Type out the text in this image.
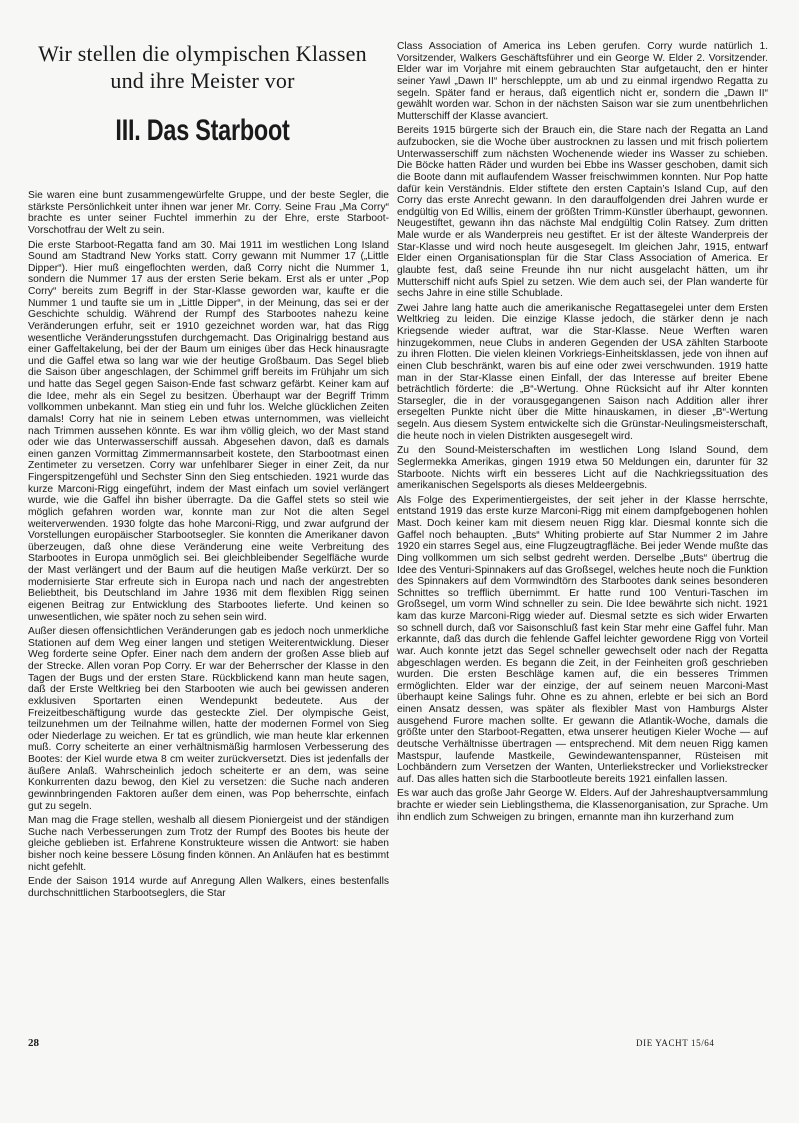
Wir stellen die olympischen Klassen
und ihre Meister vor
III. Das Starboot

Sie waren eine bunt zusammengewürfelte Gruppe, und der beste Segler, die stärkste Persönlichkeit unter ihnen war jener Mr. Corry. Seine Frau „Ma Corry“ brachte es unter seiner Fuchtel immerhin zu der Ehre, erste Starboot-Vorschotfrau der Welt zu sein.

Die erste Starboot-Regatta fand am 30. Mai 1911 im westlichen Long Island Sound am Stadtrand New Yorks statt. Corry gewann mit Nummer 17 („Little Dipper“). Hier muß eingeflochten werden, daß Corry nicht die Nummer 1, sondern die Nummer 17 aus der ersten Serie bekam. Erst als er unter „Pop Corry“ bereits zum Begriff in der Star-Klasse geworden war, kaufte er die Nummer 1 und taufte sie um in „Little Dipper“, in der Meinung, das sei er der Geschichte schuldig. Während der Rumpf des Starbootes nahezu keine Veränderungen erfuhr, seit er 1910 gezeichnet worden war, hat das Rigg wesentliche Veränderungsstufen durchgemacht. Das Originalrigg bestand aus einer Gaffeltakelung, bei der der Baum um einiges über das Heck hinausragte und die Gaffel etwa so lang war wie der heutige Großbaum. Das Segel blieb die Saison über angeschlagen, der Schimmel griff bereits im Frühjahr um sich und hatte das Segel gegen Saison-Ende fast schwarz gefärbt. Keiner kam auf die Idee, mehr als ein Segel zu besitzen. Überhaupt war der Begriff Trimm vollkommen unbekannt. Man stieg ein und fuhr los. Welche glücklichen Zeiten damals! Corry hat nie in seinem Leben etwas unternommen, was vielleicht nach Trimmen aussehen könnte. Es war ihm völlig gleich, wo der Mast stand oder wie das Unterwasserschiff aussah. Abgesehen davon, daß es damals einen ganzen Vormittag Zimmermannsarbeit kostete, den Starbootmast einen Zentimeter zu versetzen. Corry war unfehlbarer Sieger in einer Zeit, da nur Fingerspitzengefühl und Sechster Sinn den Sieg entschieden. 1921 wurde das kurze Marconi-Rigg eingeführt, indem der Mast einfach um soviel verlängert wurde, wie die Gaffel ihn bisher überragte. Da die Gaffel stets so steil wie möglich gefahren worden war, konnte man zur Not die alten Segel weiterverwenden. 1930 folgte das hohe Marconi-Rigg, und zwar aufgrund der Vorstellungen europäischer Starbootsegler. Sie konnten die Amerikaner davon überzeugen, daß ohne diese Veränderung eine weite Verbreitung des Starbootes in Europa unmöglich sei. Bei gleichbleibender Segelfläche wurde der Mast verlängert und der Baum auf die heutigen Maße verkürzt. Der so modernisierte Star erfreute sich in Europa nach und nach der angestrebten Beliebtheit, bis Deutschland im Jahre 1936 mit dem flexiblen Rigg seinen eigenen Beitrag zur Entwicklung des Starbootes lieferte. Und keinen so unwesentlichen, wie später noch zu sehen sein wird.

Außer diesen offensichtlichen Veränderungen gab es jedoch noch unmerkliche Stationen auf dem Weg einer langen und stetigen Weiterentwicklung. Dieser Weg forderte seine Opfer. Einer nach dem andern der großen Asse blieb auf der Strecke. Allen voran Pop Corry. Er war der Beherrscher der Klasse in den Tagen der Bugs und der ersten Stare. Rückblickend kann man heute sagen, daß der Erste Weltkrieg bei den Starbooten wie auch bei gewissen anderen exklusiven Sportarten einen Wendepunkt bedeutete. Aus der Freizeitbeschäftigung wurde das gesteckte Ziel. Der olympische Geist, teilzunehmen um der Teilnahme willen, hatte der modernen Formel von Sieg oder Niederlage zu weichen. Er tat es gründlich, wie man heute klar erkennen muß. Corry scheiterte an einer verhältnismäßig harmlosen Verbesserung des Bootes: der Kiel wurde etwa 8 cm weiter zurückversetzt. Dies ist jedenfalls der äußere Anlaß. Wahrscheinlich jedoch scheiterte er an dem, was seine Konkurrenten dazu bewog, den Kiel zu versetzen: die Suche nach anderen gewinnbringenden Faktoren außer dem einen, was Pop beherrschte, einfach gut zu segeln.

Man mag die Frage stellen, weshalb all diesem Pioniergeist und der ständigen Suche nach Verbesserungen zum Trotz der Rumpf des Bootes bis heute der gleiche geblieben ist. Erfahrene Konstrukteure wissen die Antwort: sie haben bisher noch keine bessere Lösung finden können. An Anläufen hat es bestimmt nicht gefehlt.

Ende der Saison 1914 wurde auf Anregung Allen Walkers, eines bestenfalls durchschnittlichen Starbootseglers, die Star

Class Association of America ins Leben gerufen. Corry wurde natürlich 1. Vorsitzender, Walkers Geschäftsführer und ein George W. Elder 2. Vorsitzender. Elder war im Vorjahre mit einem gebrauchten Star aufgetaucht, den er hinter seiner Yawl „Dawn II“ herschleppte, um ab und zu einmal irgendwo Regatta zu segeln. Später fand er heraus, daß eigentlich nicht er, sondern die „Dawn II“ gewählt worden war. Schon in der nächsten Saison war sie zum unentbehrlichen Mutterschiff der Klasse avanciert.

Bereits 1915 bürgerte sich der Brauch ein, die Stare nach der Regatta an Land aufzubocken, sie die Woche über austrocknen zu lassen und mit frisch poliertem Unterwasserschiff zum nächsten Wochenende wieder ins Wasser zu schieben. Die Böcke hatten Räder und wurden bei Ebbe ins Wasser geschoben, damit sich die Boote dann mit auflaufendem Wasser freischwimmen konnten. Nur Pop hatte dafür kein Verständnis. Elder stiftete den ersten Captain’s Island Cup, auf den Corry das erste Anrecht gewann. In den darauffolgenden drei Jahren wurde er endgültig von Ed Willis, einem der größten Trimm-Künstler überhaupt, gewonnen. Neugestiftet, gewann ihn das nächste Mal endgültig Colin Ratsey. Zum dritten Male wurde er als Wanderpreis neu gestiftet. Er ist der älteste Wanderpreis der Star-Klasse und wird noch heute ausgesegelt. Im gleichen Jahr, 1915, entwarf Elder einen Organisationsplan für die Star Class Association of America. Er glaubte fest, daß seine Freunde ihn nur nicht ausgelacht hätten, um ihr Mutterschiff nicht aufs Spiel zu setzen. Wie dem auch sei, der Plan wanderte für sechs Jahre in eine stille Schublade.

Zwei Jahre lang hatte auch die amerikanische Regattasegelei unter dem Ersten Weltkrieg zu leiden. Die einzige Klasse jedoch, die stärker denn je nach Kriegsende wieder auftrat, war die Star-Klasse. Neue Werften waren hinzugekommen, neue Clubs in anderen Gegenden der USA zählten Starboote zu ihren Flotten. Die vielen kleinen Vorkriegs-Einheitsklassen, jede von ihnen auf einen Club beschränkt, waren bis auf eine oder zwei verschwunden. 1919 hatte man in der Star-Klasse einen Einfall, der das Interesse auf breiter Ebene beträchtlich förderte: die „B“-Wertung. Ohne Rücksicht auf ihr Alter konnten Starsegler, die in der vorausgegangenen Saison nach Addition aller ihrer ersegelten Punkte nicht über die Mitte hinauskamen, in dieser „B“-Wertung segeln. Aus diesem System entwickelte sich die Grünstar-Neulingsmeisterschaft, die heute noch in vielen Distrikten ausgesegelt wird.

Zu den Sound-Meisterschaften im westlichen Long Island Sound, dem Seglermekka Amerikas, gingen 1919 etwa 50 Meldungen ein, darunter für 32 Starboote. Nichts wirft ein besseres Licht auf die Nachkriegssituation des amerikanischen Segelsports als dieses Meldeergebnis.

Als Folge des Experimentiergeistes, der seit jeher in der Klasse herrschte, entstand 1919 das erste kurze Marconi-Rigg mit einem dampfgebogenen hohlen Mast. Doch keiner kam mit diesem neuen Rigg klar. Diesmal konnte sich die Gaffel noch behaupten. „Buts“ Whiting probierte auf Star Nummer 2 im Jahre 1920 ein starres Segel aus, eine Flugzeugtragfläche. Bei jeder Wende mußte das Ding vollkommen um sich selbst gedreht werden. Derselbe „Buts“ übertrug die Idee des Venturi-Spinnakers auf das Großsegel, welches heute noch die Funktion des Spinnakers auf dem Vormwindtörn des Starbootes dank seines besonderen Schnittes so trefflich übernimmt. Er hatte rund 100 Venturi-Taschen im Großsegel, um vorm Wind schneller zu sein. Die Idee bewährte sich nicht. 1921 kam das kurze Marconi-Rigg wieder auf. Diesmal setzte es sich wider Erwarten so schnell durch, daß vor Saisonschluß fast kein Star mehr eine Gaffel fuhr. Man erkannte, daß das durch die fehlende Gaffel leichter gewordene Rigg von Vorteil war. Auch konnte jetzt das Segel schneller gewechselt oder nach der Regatta abgeschlagen werden. Es begann die Zeit, in der Feinheiten groß geschrieben wurden. Die ersten Beschläge kamen auf, die ein besseres Trimmen ermöglichten. Elder war der einzige, der auf seinem neuen Marconi-Mast überhaupt keine Salings fuhr. Ohne es zu ahnen, erlebte er bei sich an Bord einen Ansatz dessen, was später als flexibler Mast von Hamburgs Alster ausgehend Furore machen sollte. Er gewann die Atlantik-Woche, damals die größte unter den Starboot-Regatten, etwa unserer heutigen Kieler Woche — auf deutsche Verhältnisse übertragen — entsprechend. Mit dem neuen Rigg kamen Mastspur, laufende Mastkeile, Gewindewantenspanner, Rüsteisen mit Lochbändern zum Versetzen der Wanten, Unterliekstrecker und Vorliekstrecker auf. Das alles hatten sich die Starbootleute bereits 1921 einfallen lassen.

Es war auch das große Jahr George W. Elders. Auf der Jahreshauptversammlung brachte er wieder sein Lieblingsthema, die Klassenorganisation, zur Sprache. Um ihn endlich zum Schweigen zu bringen, ernannte man ihn kurzerhand zum

28	DIE YACHT 15/64
